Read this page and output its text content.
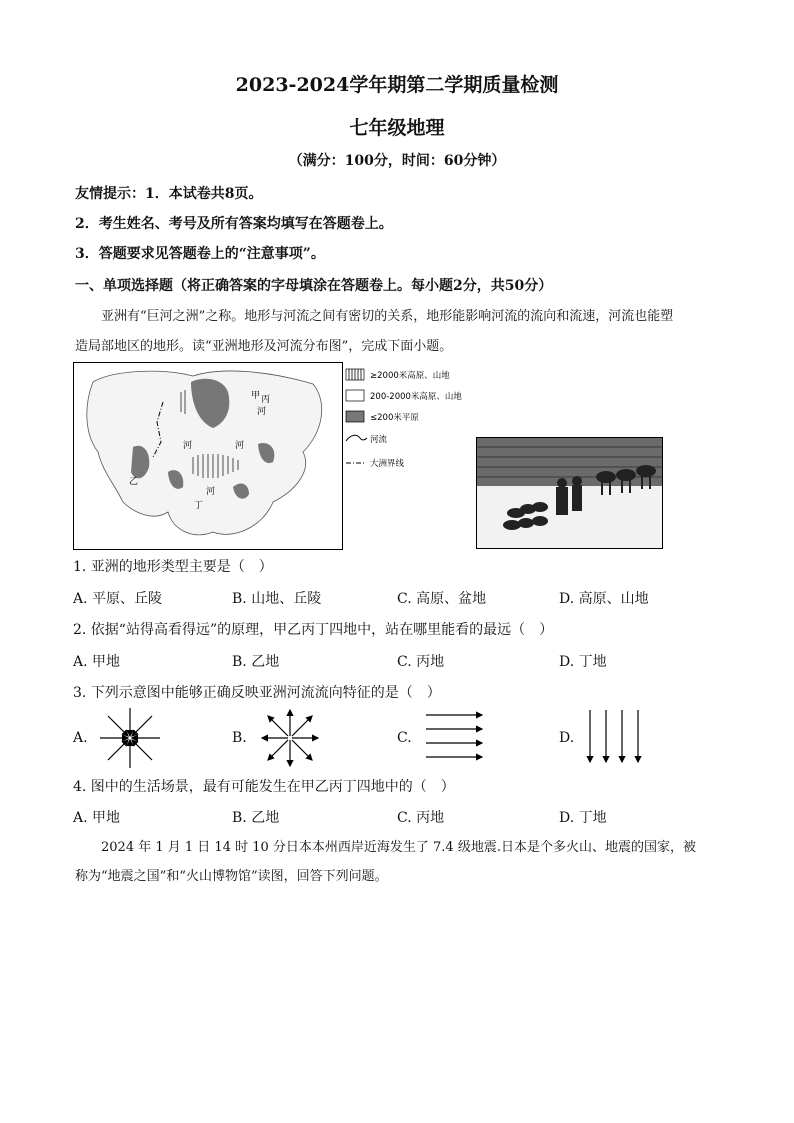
2023-2024学年期第二学期质量检测
七年级地理
（满分：100分，时间：60分钟）
友情提示：1．本试卷共8页。
2．考生姓名、考号及所有答案均填写在答题卷上。
3．答题要求见答题卷上的“注意事项”。
一、单项选择题（将正确答案的字母填涂在答题卷上。每小题2分，共50分）
亚洲有“巨河之洲”之称。地形与河流之间有密切的关系，地形能影响河流的流向和流速，河流也能塑
造局部地区的地形。读“亚洲地形及河流分布图”，完成下面小题。
甲 丙
河
乙
丁
河	河
河
≥2000米高原、山地
200-2000米高原、山地
≤200米平原
河流
大洲界线
1. 亚洲的地形类型主要是（　）
A. 平原、丘陵	B. 山地、丘陵	C. 高原、盆地	D. 高原、山地
2. 依据“站得高看得远”的原理，甲乙丙丁四地中，站在哪里能看的最远（　）
A. 甲地	B. 乙地	C. 丙地	D. 丁地
3. 下列示意图中能够正确反映亚洲河流流向特征的是（　）
A.	B.	C.	D.
4. 图中的生活场景，最有可能发生在甲乙丙丁四地中的（　）
A. 甲地	B. 乙地	C. 丙地	D. 丁地
2024 年 1 月 1 日 14 时 10 分日本本州西岸近海发生了 7.4 级地震.日本是个多火山、地震的国家，被
称为“地震之国”和“火山博物馆”读图，回答下列问题。
